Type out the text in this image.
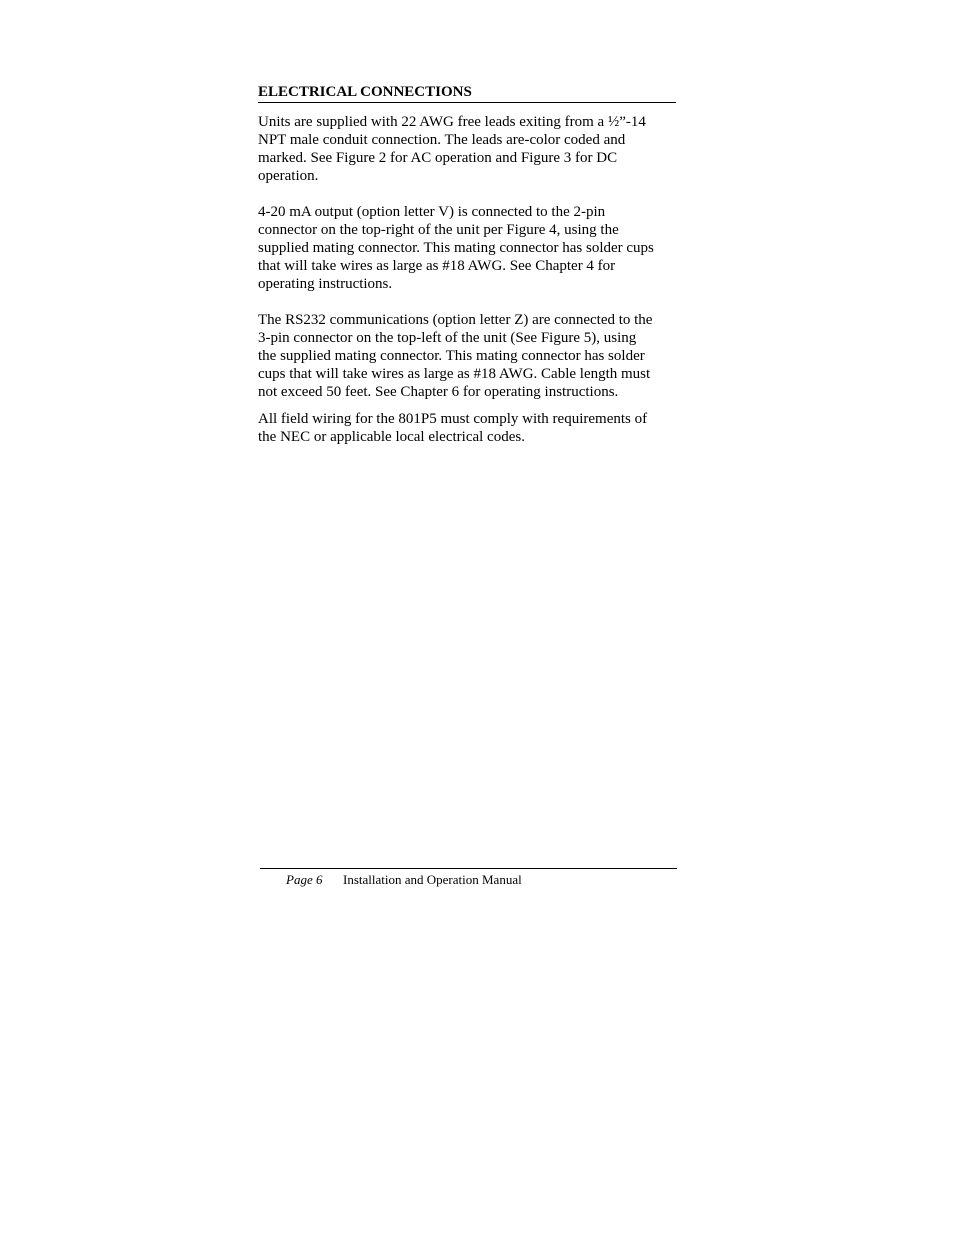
ELECTRICAL CONNECTIONS

Units are supplied with 22 AWG free leads exiting from a ½”-14
NPT male conduit connection. The leads are-color coded and
marked. See Figure 2 for AC operation and Figure 3 for DC
operation.

4-20 mA output (option letter V) is connected to the 2-pin
connector on the top-right of the unit per Figure 4, using the
supplied mating connector. This mating connector has solder cups
that will take wires as large as #18 AWG. See Chapter 4 for
operating instructions.

The RS232 communications (option letter Z) are connected to the
3-pin connector on the top-left of the unit (See Figure 5), using
the supplied mating connector. This mating connector has solder
cups that will take wires as large as #18 AWG. Cable length must
not exceed 50 feet. See Chapter 6 for operating instructions.

All field wiring for the 801P5 must comply with requirements of
the NEC or applicable local electrical codes.

Page 6 Installation and Operation Manual
